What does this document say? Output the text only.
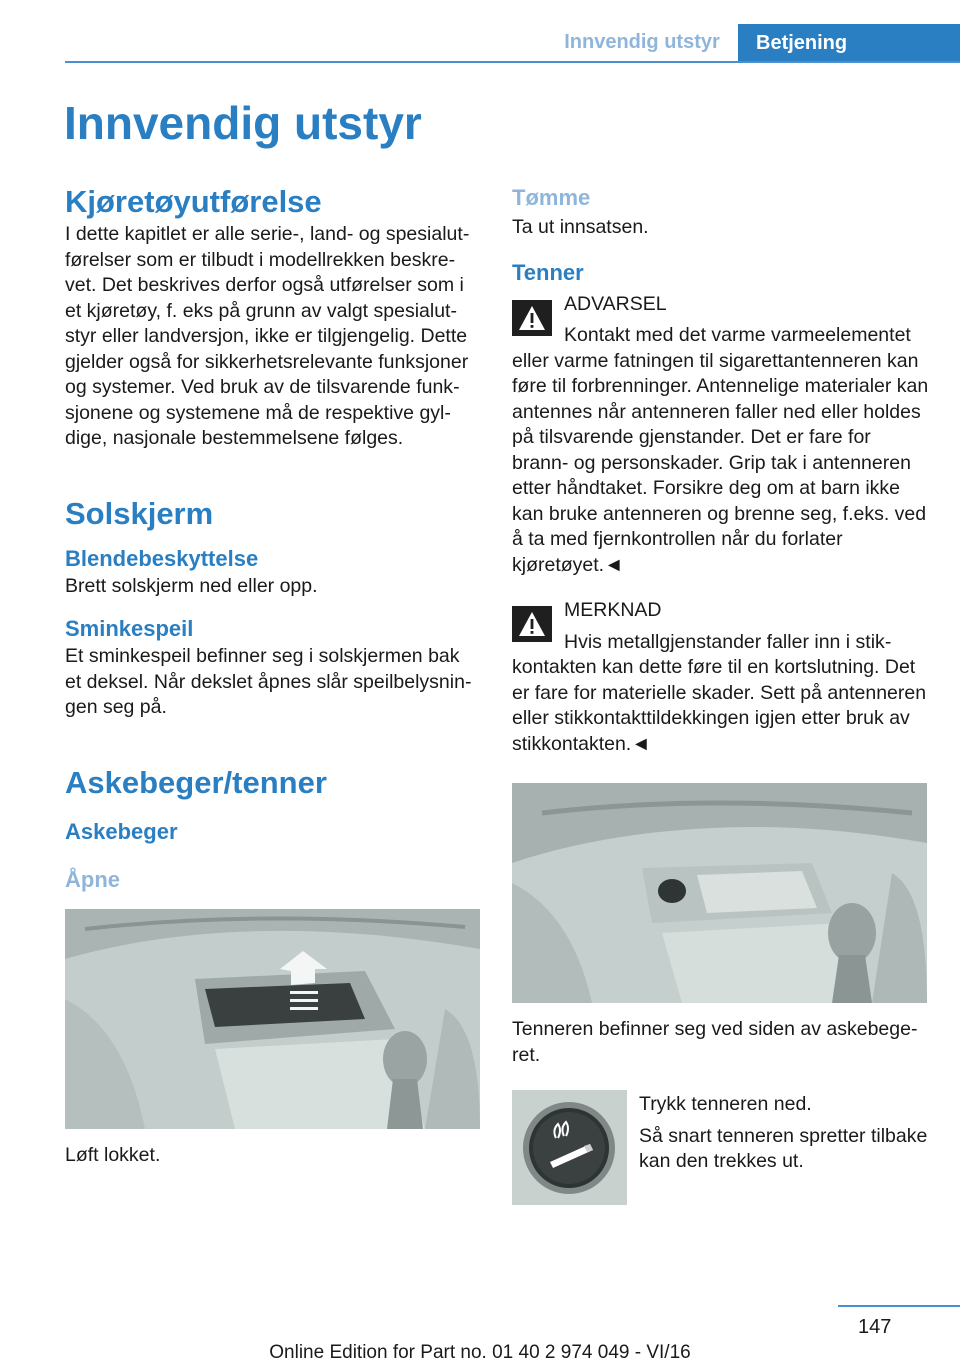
Innvendig utstyr	Betjening
Innvendig utstyr
Kjøretøyutførelse

I dette kapitlet er alle serie-, land- og spesialutførelser som er tilbudt i modellrekken beskrevet. Det beskrives derfor også utførelser som i et kjøretøy, f. eks på grunn av valgt spesialutstyr eller landversjon, ikke er tilgjengelig. Dette gjelder også for sikkerhetsrelevante funksjoner og systemer. Ved bruk av de tilsvarende funksjonene og systemene må de respektive gyldige, nasjonale bestemmelsene følges.

Solskjerm
Blendebeskyttelse

Brett solskjerm ned eller opp.

Sminkespeil

Et sminkespeil befinner seg i solskjermen bak et deksel. Når dekslet åpnes slår speilbelysningen seg på.

Askebeger/tenner
Askebeger
Åpne

Løft lokket.

Tømme

Ta ut innsatsen.

Tenner

ADVARSEL

Kontakt med det varme varmeelementet eller varme fatningen til sigarettantenneren kan føre til forbrenninger. Antennelige materialer kan antennes når antenneren faller ned eller holdes på tilsvarende gjenstander. Det er fare for brann- og personskader. Grip tak i antenneren etter håndtaket. Forsikre deg om at barn ikke kan bruke antenneren og brenne seg, f.eks. ved å ta med fjernkontrollen når du forlater kjøretøyet.◄

MERKNAD

Hvis metallgjenstander faller inn i stikkontakten kan dette føre til en kortslutning. Det er fare for materielle skader. Sett på antenneren eller stikkontakttildekkingen igjen etter bruk av stikkontakten.◄

Tenneren befinner seg ved siden av askebegeret.

Trykk tenneren ned.

Så snart tenneren spretter tilbake kan den trekkes ut.

147
Online Edition for Part no. 01 40 2 974 049 - VI/16
